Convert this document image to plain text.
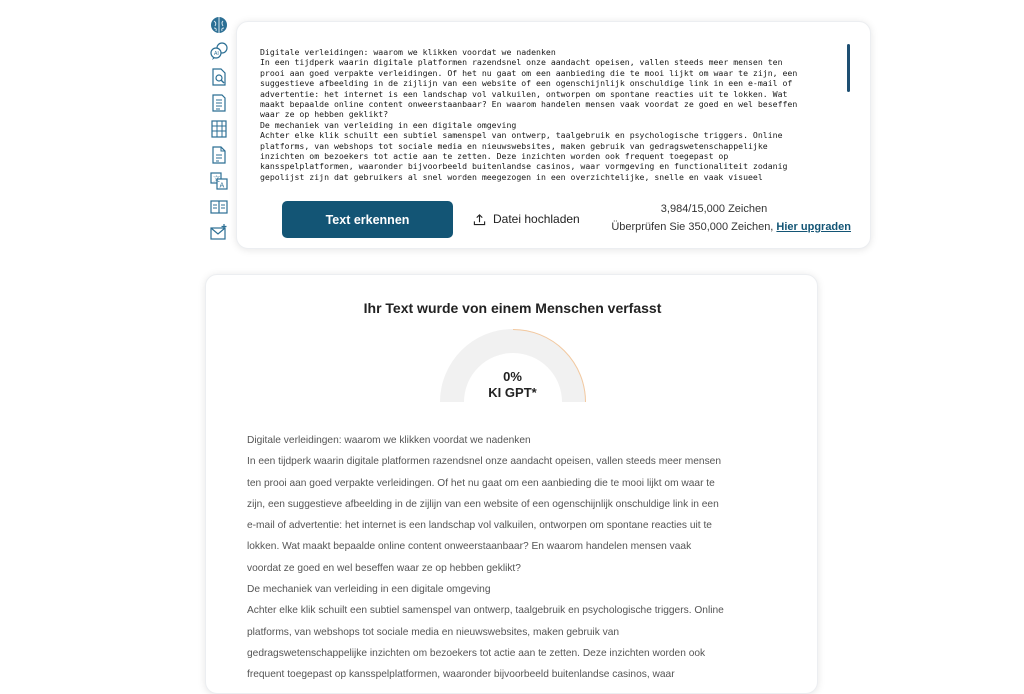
AI
文
A
Digitale verleidingen: waarom we klikken voordat we nadenken
In een tijdperk waarin digitale platformen razendsnel onze aandacht opeisen, vallen steeds meer mensen ten
prooi aan goed verpakte verleidingen. Of het nu gaat om een aanbieding die te mooi lijkt om waar te zijn, een
suggestieve afbeelding in de zijlijn van een website of een ogenschijnlijk onschuldige link in een e-mail of
advertentie: het internet is een landschap vol valkuilen, ontworpen om spontane reacties uit te lokken. Wat
maakt bepaalde online content onweerstaanbaar? En waarom handelen mensen vaak voordat ze goed en wel beseffen
waar ze op hebben geklikt?
De mechaniek van verleiding in een digitale omgeving
Achter elke klik schuilt een subtiel samenspel van ontwerp, taalgebruik en psychologische triggers. Online
platforms, van webshops tot sociale media en nieuwswebsites, maken gebruik van gedragswetenschappelijke
inzichten om bezoekers tot actie aan te zetten. Deze inzichten worden ook frequent toegepast op
kansspelplatformen, waaronder bijvoorbeeld buitenlandse casinos, waar vormgeving en functionaliteit zodanig
gepolijst zijn dat gebruikers al snel worden meegezogen in een overzichtelijke, snelle en vaak visueel
Text erkennen	Datei hochladen
3,984/15,000 Zeichen
Überprüfen Sie 350,000 Zeichen, Hier upgraden
Ihr Text wurde von einem Menschen verfasst
0%
KI GPT*

Digitale verleidingen: waarom we klikken voordat we nadenken

In een tijdperk waarin digitale platformen razendsnel onze aandacht opeisen, vallen steeds meer mensen

ten prooi aan goed verpakte verleidingen. Of het nu gaat om een aanbieding die te mooi lijkt om waar te

zijn, een suggestieve afbeelding in de zijlijn van een website of een ogenschijnlijk onschuldige link in een

e-mail of advertentie: het internet is een landschap vol valkuilen, ontworpen om spontane reacties uit te

lokken. Wat maakt bepaalde online content onweerstaanbaar? En waarom handelen mensen vaak

voordat ze goed en wel beseffen waar ze op hebben geklikt?

De mechaniek van verleiding in een digitale omgeving

Achter elke klik schuilt een subtiel samenspel van ontwerp, taalgebruik en psychologische triggers. Online

platforms, van webshops tot sociale media en nieuwswebsites, maken gebruik van

gedragswetenschappelijke inzichten om bezoekers tot actie aan te zetten. Deze inzichten worden ook

frequent toegepast op kansspelplatformen, waaronder bijvoorbeeld buitenlandse casinos, waar
